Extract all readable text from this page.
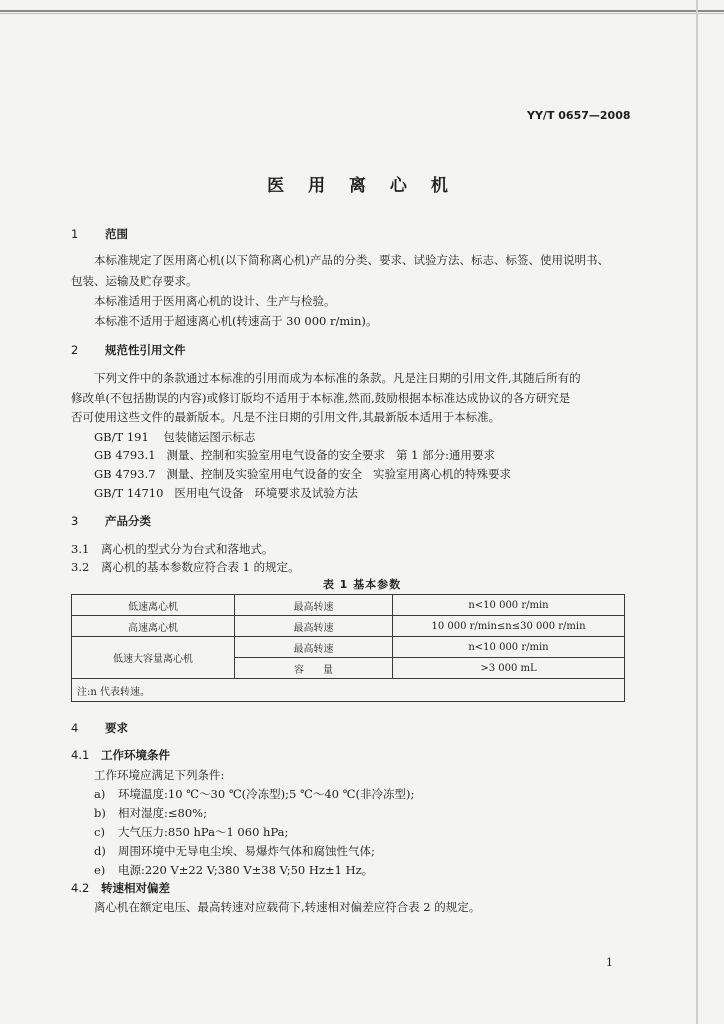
YY/T 0657—2008
医 用 离 心 机
1 范围
本标准规定了医用离心机(以下简称离心机)产品的分类、要求、试验方法、标志、标签、使用说明书、
包装、运输及贮存要求。
本标准适用于医用离心机的设计、生产与检验。
本标准不适用于超速离心机(转速高于 30 000 r/min)。
2 规范性引用文件
下列文件中的条款通过本标准的引用而成为本标准的条款。凡是注日期的引用文件,其随后所有的
修改单(不包括勘误的内容)或修订版均不适用于本标准,然而,鼓励根据本标准达成协议的各方研究是
否可使用这些文件的最新版本。凡是不注日期的引用文件,其最新版本适用于本标准。
GB/T 191    包装储运图示标志
GB 4793.1   测量、控制和实验室用电气设备的安全要求   第 1 部分:通用要求
GB 4793.7   测量、控制及实验室用电气设备的安全   实验室用离心机的特殊要求
GB/T 14710   医用电气设备   环境要求及试验方法
3 产品分类
3.1 离心机的型式分为台式和落地式。
3.2 离心机的基本参数应符合表 1 的规定。
表 1 基本参数
低速离心机	最高转速	n<10 000 r/min
高速离心机	最高转速	10 000 r/min≤n≤30 000 r/min
低速大容量离心机	最高转速	n<10 000 r/min
	容      量	>3 000 mL
注:n 代表转速。		
4 要求
4.1 工作环境条件
工作环境应满足下列条件:
a) 环境温度:10 ℃～30 ℃(冷冻型);5 ℃～40 ℃(非冷冻型);
b) 相对湿度:≤80%;
c) 大气压力:850 hPa～1 060 hPa;
d) 周围环境中无导电尘埃、易爆炸气体和腐蚀性气体;
e) 电源:220 V±22 V;380 V±38 V;50 Hz±1 Hz。
4.2 转速相对偏差
离心机在额定电压、最高转速对应载荷下,转速相对偏差应符合表 2 的规定。
1
